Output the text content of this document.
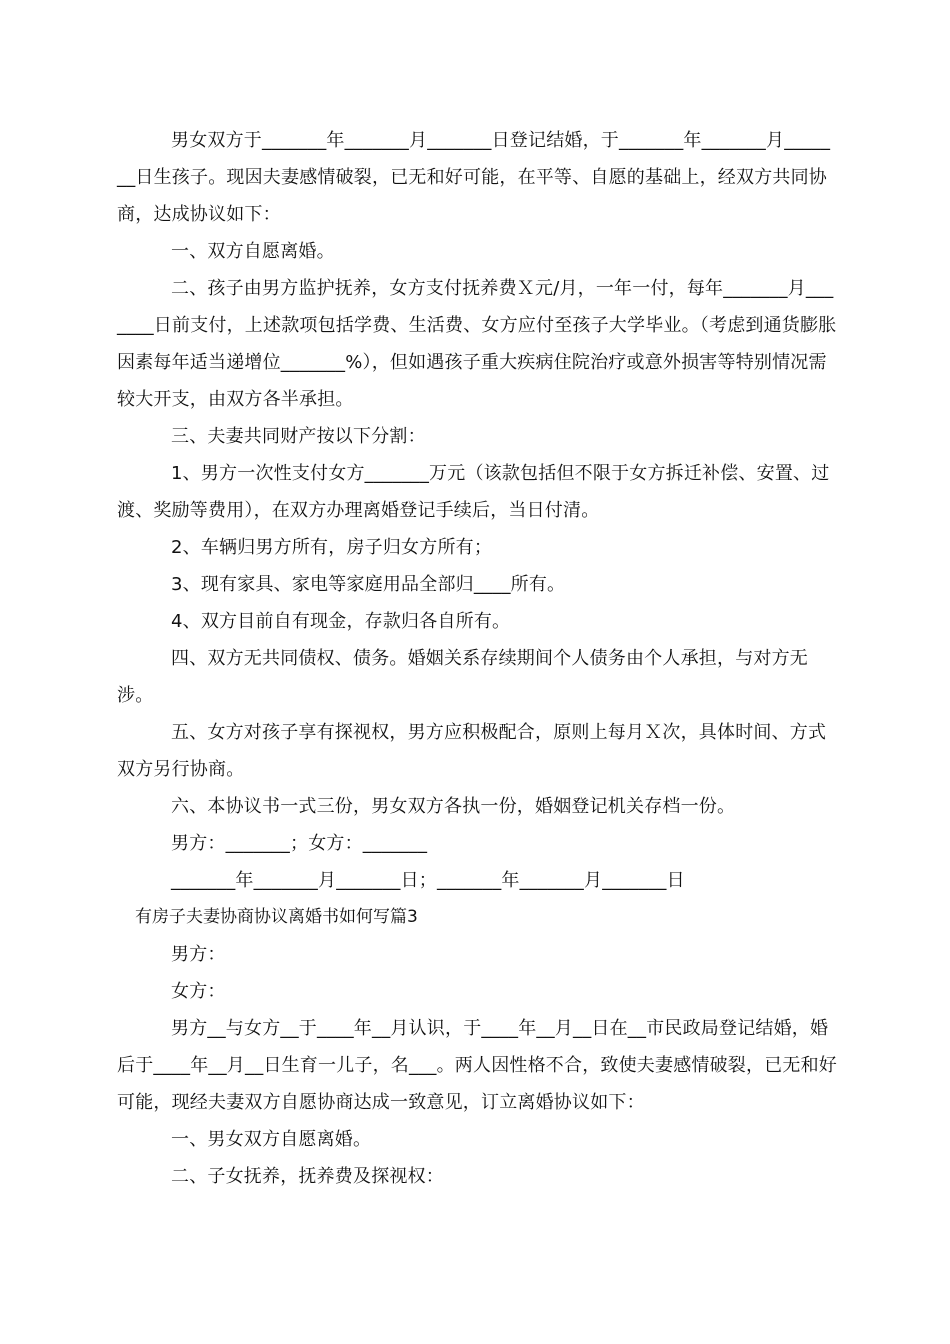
男女双方于_______年_______月_______日登记结婚，于_______年_______月_______日生孩子。现因夫妻感情破裂，已无和好可能，在平等、自愿的基础上，经双方共同协商，达成协议如下：

一、双方自愿离婚。

二、孩子由男方监护抚养，女方支付抚养费Ｘ元/月，一年一付，每年_______月_______日前支付，上述款项包括学费、生活费、女方应付至孩子大学毕业。（考虑到通货膨胀因素每年适当递增位_______%），但如遇孩子重大疾病住院治疗或意外损害等特别情况需较大开支，由双方各半承担。

三、夫妻共同财产按以下分割：

1、男方一次性支付女方_______万元（该款包括但不限于女方拆迁补偿、安置、过渡、奖励等费用），在双方办理离婚登记手续后，当日付清。

2、车辆归男方所有，房子归女方所有；

3、现有家具、家电等家庭用品全部归____所有。

4、双方目前自有现金，存款归各自所有。

四、双方无共同债权、债务。婚姻关系存续期间个人债务由个人承担，与对方无涉。

五、女方对孩子享有探视权，男方应积极配合，原则上每月Ｘ次，具体时间、方式双方另行协商。

六、本协议书一式三份，男女双方各执一份，婚姻登记机关存档一份。

男方：_______；女方：_______

_______年_______月_______日；_______年_______月_______日

有房子夫妻协商协议离婚书如何写篇3

男方：

女方：

男方__与女方__于____年__月认识，于____年__月__日在__市民政局登记结婚，婚后于____年__月__日生育一儿子，名___。两人因性格不合，致使夫妻感情破裂，已无和好可能，现经夫妻双方自愿协商达成一致意见，订立离婚协议如下：

一、男女双方自愿离婚。

二、子女抚养，抚养费及探视权：
